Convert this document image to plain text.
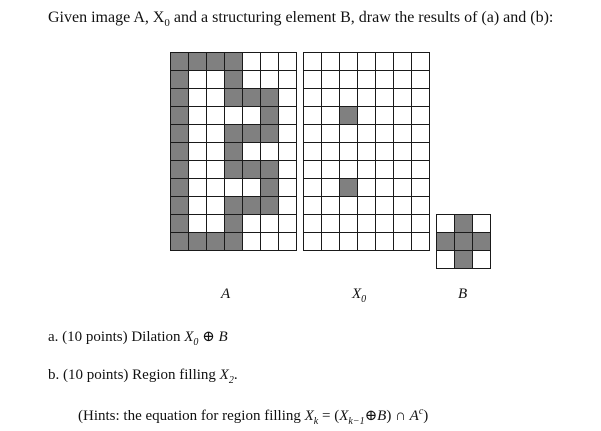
Given image A, $X_0$ and a structuring element B, draw the results of (a) and (b):
A	$X_0$	B
a. (10 points) Dilation $X_0$ ⊕ B
b. (10 points) Region filling $X_2$.
(Hints: the equation for region filling $X_k$ = $(X_{k-1}\oplus B)$ ∩ $A^c$)
